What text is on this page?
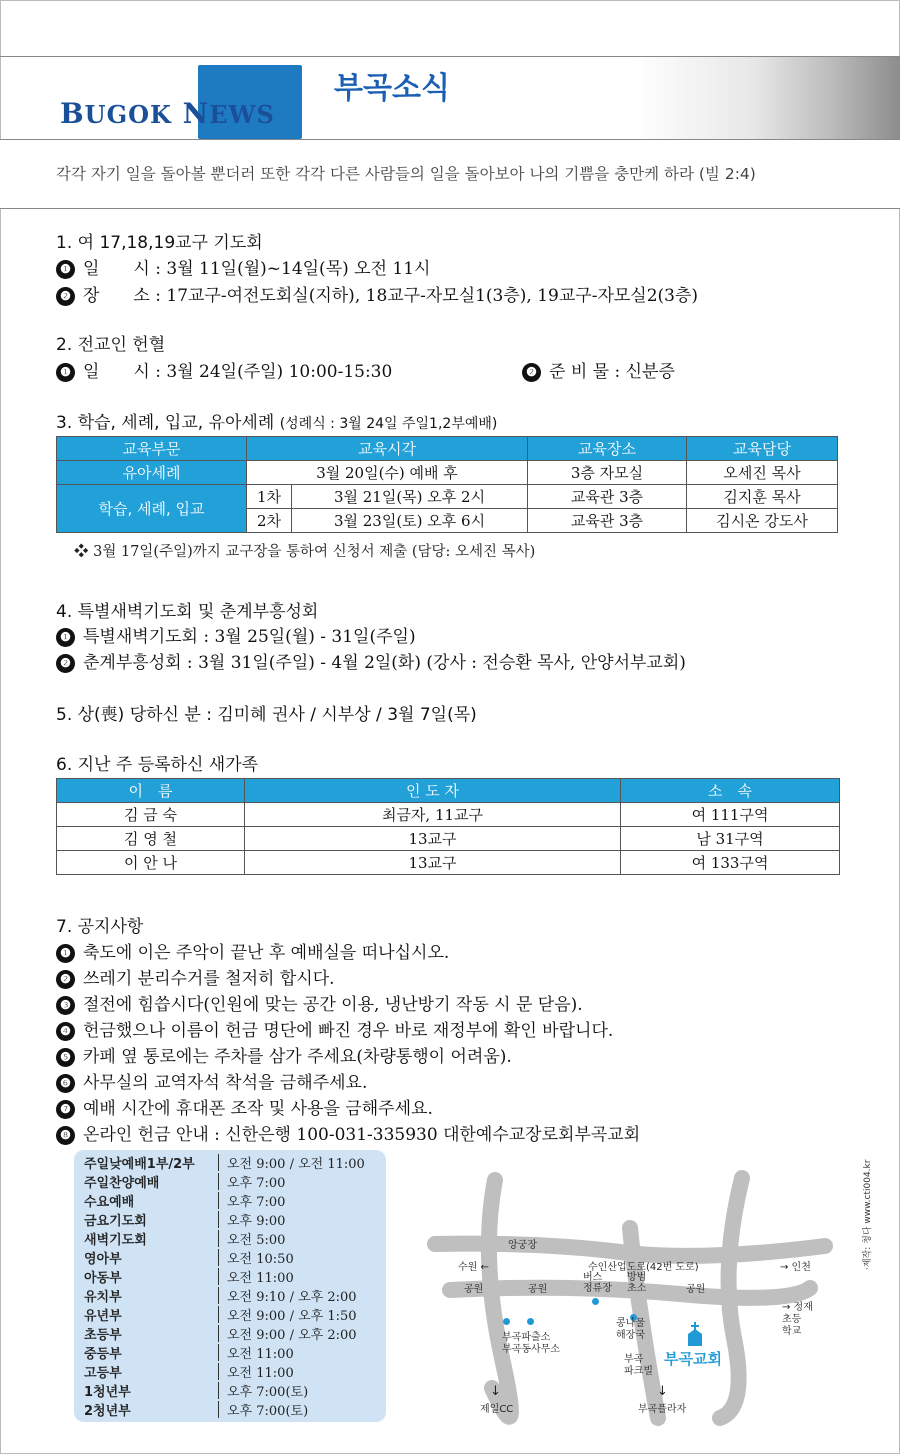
BUGOK NEWS
부곡소식
각각 자기 일을 돌아볼 뿐더러 또한 각각 다른 사람들의 일을 돌아보아 나의 기쁨을 충만케 하라 (빌 2:4)
1. 여 17,18,19교구 기도회
❶ 일　　시 : 3월 11일(월)~14일(목) 오전 11시
❷ 장　　소 : 17교구-여전도회실(지하), 18교구-자모실1(3층), 19교구-자모실2(3층)
2. 전교인 헌혈
❶ 일　　시 : 3월 24일(주일) 10:00-15:30	❷ 준 비 물 : 신분증
3. 학습, 세례, 입교, 유아세례 (성례식 : 3월 24일 주일1,2부예배)
교육부문	교육시각		교육장소	교육담당
유아세례	3월 20일(수) 예배 후		3층 자모실	오세진 목사
학습, 세례, 입교	1차	3월 21일(목) 오후 2시	교육관 3층	김지훈 목사
	2차	3월 23일(토) 오후 6시	교육관 3층	김시온 강도사
❖ 3월 17일(주일)까지 교구장을 통하여 신청서 제출 (담당: 오세진 목사)
4. 특별새벽기도회 및 춘계부흥성회
❶ 특별새벽기도회 : 3월 25일(월) - 31일(주일)
❷ 춘계부흥성회 : 3월 31일(주일) - 4월 2일(화) (강사 : 전승환 목사, 안양서부교회)
5. 상(喪) 당하신 분 : 김미혜 권사 / 시부상 / 3월 7일(목)
6. 지난 주 등록하신 새가족
이　름	인 도 자	소　속
김 금 숙	최금자, 11교구	여 111구역
김 영 철	13교구	남 31구역
이 안 나	13교구	여 133구역
7. 공지사항
❶ 축도에 이은 주악이 끝난 후 예배실을 떠나십시오.
❷ 쓰레기 분리수거를 철저히 합시다.
❸ 절전에 힘씁시다(인원에 맞는 공간 이용, 냉난방기 작동 시 문 닫음).
❹ 헌금했으나 이름이 헌금 명단에 빠진 경우 바로 재정부에 확인 바랍니다.
❺ 카페 옆 통로에는 주차를 삼가 주세요(차량통행이 어려움).
❻ 사무실의 교역자석 착석을 금해주세요.
❼ 예배 시간에 휴대폰 조작 및 사용을 금해주세요.
❽ 온라인 헌금 안내 : 신한은행 100-031-335930 대한예수교장로회부곡교회
주일낮예배1부/2부 오전 9:00 / 오전 11:00
주일찬양예배	오후 7:00
수요예배	오후 7:00
금요기도회	오후 9:00
새벽기도회	오전 5:00
영아부	오전 10:50
아동부	오전 11:00
유치부	오전 9:10 / 오후 2:00
유년부	오전 9:00 / 오후 1:50
초등부	오전 9:00 / 오후 2:00
중등부	오전 11:00
고등부	오전 11:00
1청년부	오후 7:00(토)
2청년부	오후 7:00(토)
앙궁장
수원 ←	수인산업도로(42번 도로)	→ 인천
공원	공원
버스
정류장
방범
초소	공원
→ 정재
초등
학교
부곡파출소
부곡동사무소
콩나물
해장국
부곡교회
부곡
파크빌
↓
제일CC
↓
부곡플라자
·제작: 청다 www.cti004.kr
